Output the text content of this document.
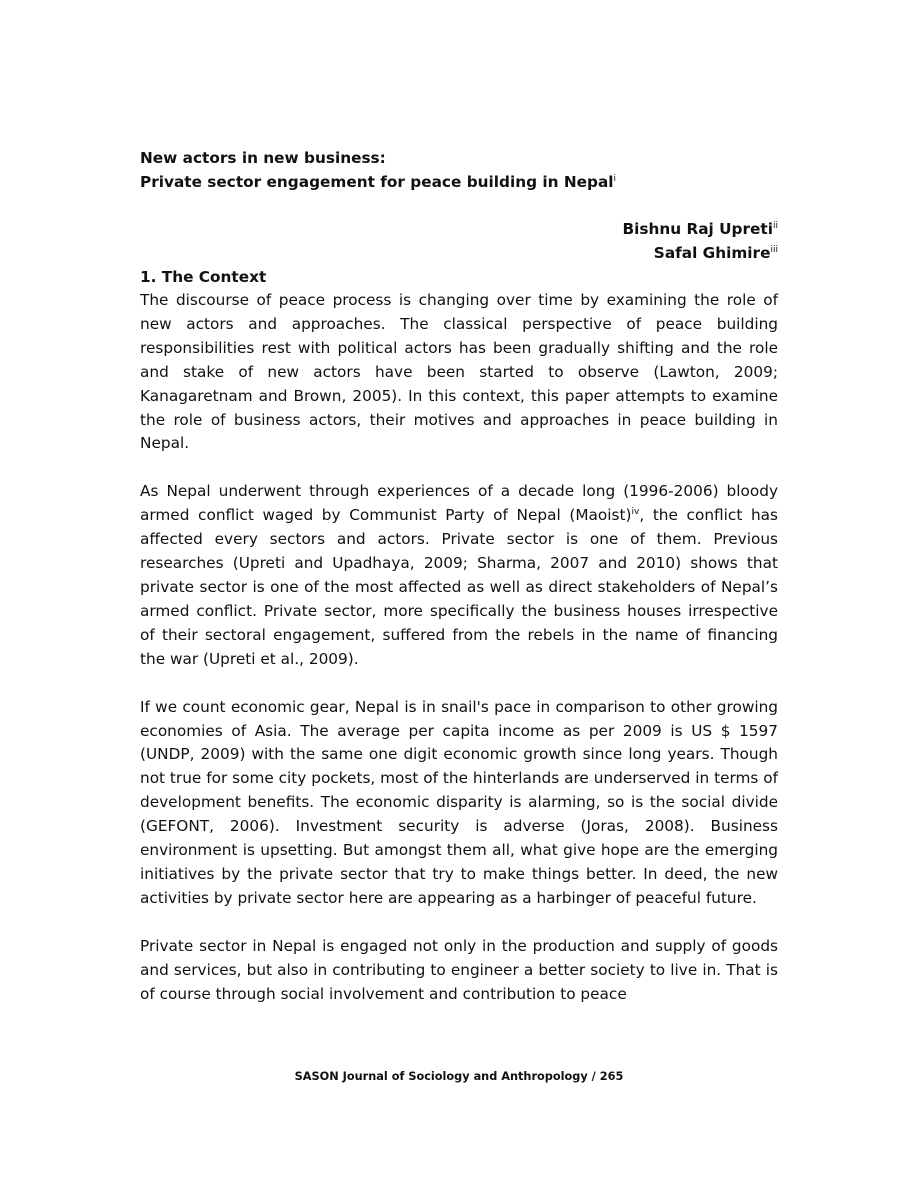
New actors in new business:
Private sector engagement for peace building in Nepal$^i$
Bishnu Raj Upreti$^{ii}$
Safal Ghimire$^{iii}$
1. The Context

The discourse of peace process is changing over time by examining the role of new actors and approaches. The classical perspective of peace building responsibilities rest with political actors has been gradually shifting and the role and stake of new actors have been started to observe (Lawton, 2009; Kanagaretnam and Brown, 2005). In this context, this paper attempts to examine the role of business actors, their motives and approaches in peace building in Nepal.

As Nepal underwent through experiences of a decade long (1996-2006) bloody armed conflict waged by Communist Party of Nepal (Maoist)$^{iv}$, the conflict has affected every sectors and actors. Private sector is one of them. Previous researches (Upreti and Upadhaya, 2009; Sharma, 2007 and 2010) shows that private sector is one of the most affected as well as direct stakeholders of Nepal’s armed conflict. Private sector, more specifically the business houses irrespective of their sectoral engagement, suffered from the rebels in the name of financing the war (Upreti et al., 2009).

If we count economic gear, Nepal is in snail's pace in comparison to other growing economies of Asia. The average per capita income as per 2009 is US $ 1597 (UNDP, 2009) with the same one digit economic growth since long years. Though not true for some city pockets, most of the hinterlands are underserved in terms of development benefits. The economic disparity is alarming, so is the social divide (GEFONT, 2006). Investment security is adverse (Joras, 2008). Business environment is upsetting. But amongst them all, what give hope are the emerging initiatives by the private sector that try to make things better. In deed, the new activities by private sector here are appearing as a harbinger of peaceful future.

Private sector in Nepal is engaged not only in the production and supply of goods and services, but also in contributing to engineer a better society to live in. That is of course through social involvement and contribution to peace

SASON Journal of Sociology and Anthropology / 265
